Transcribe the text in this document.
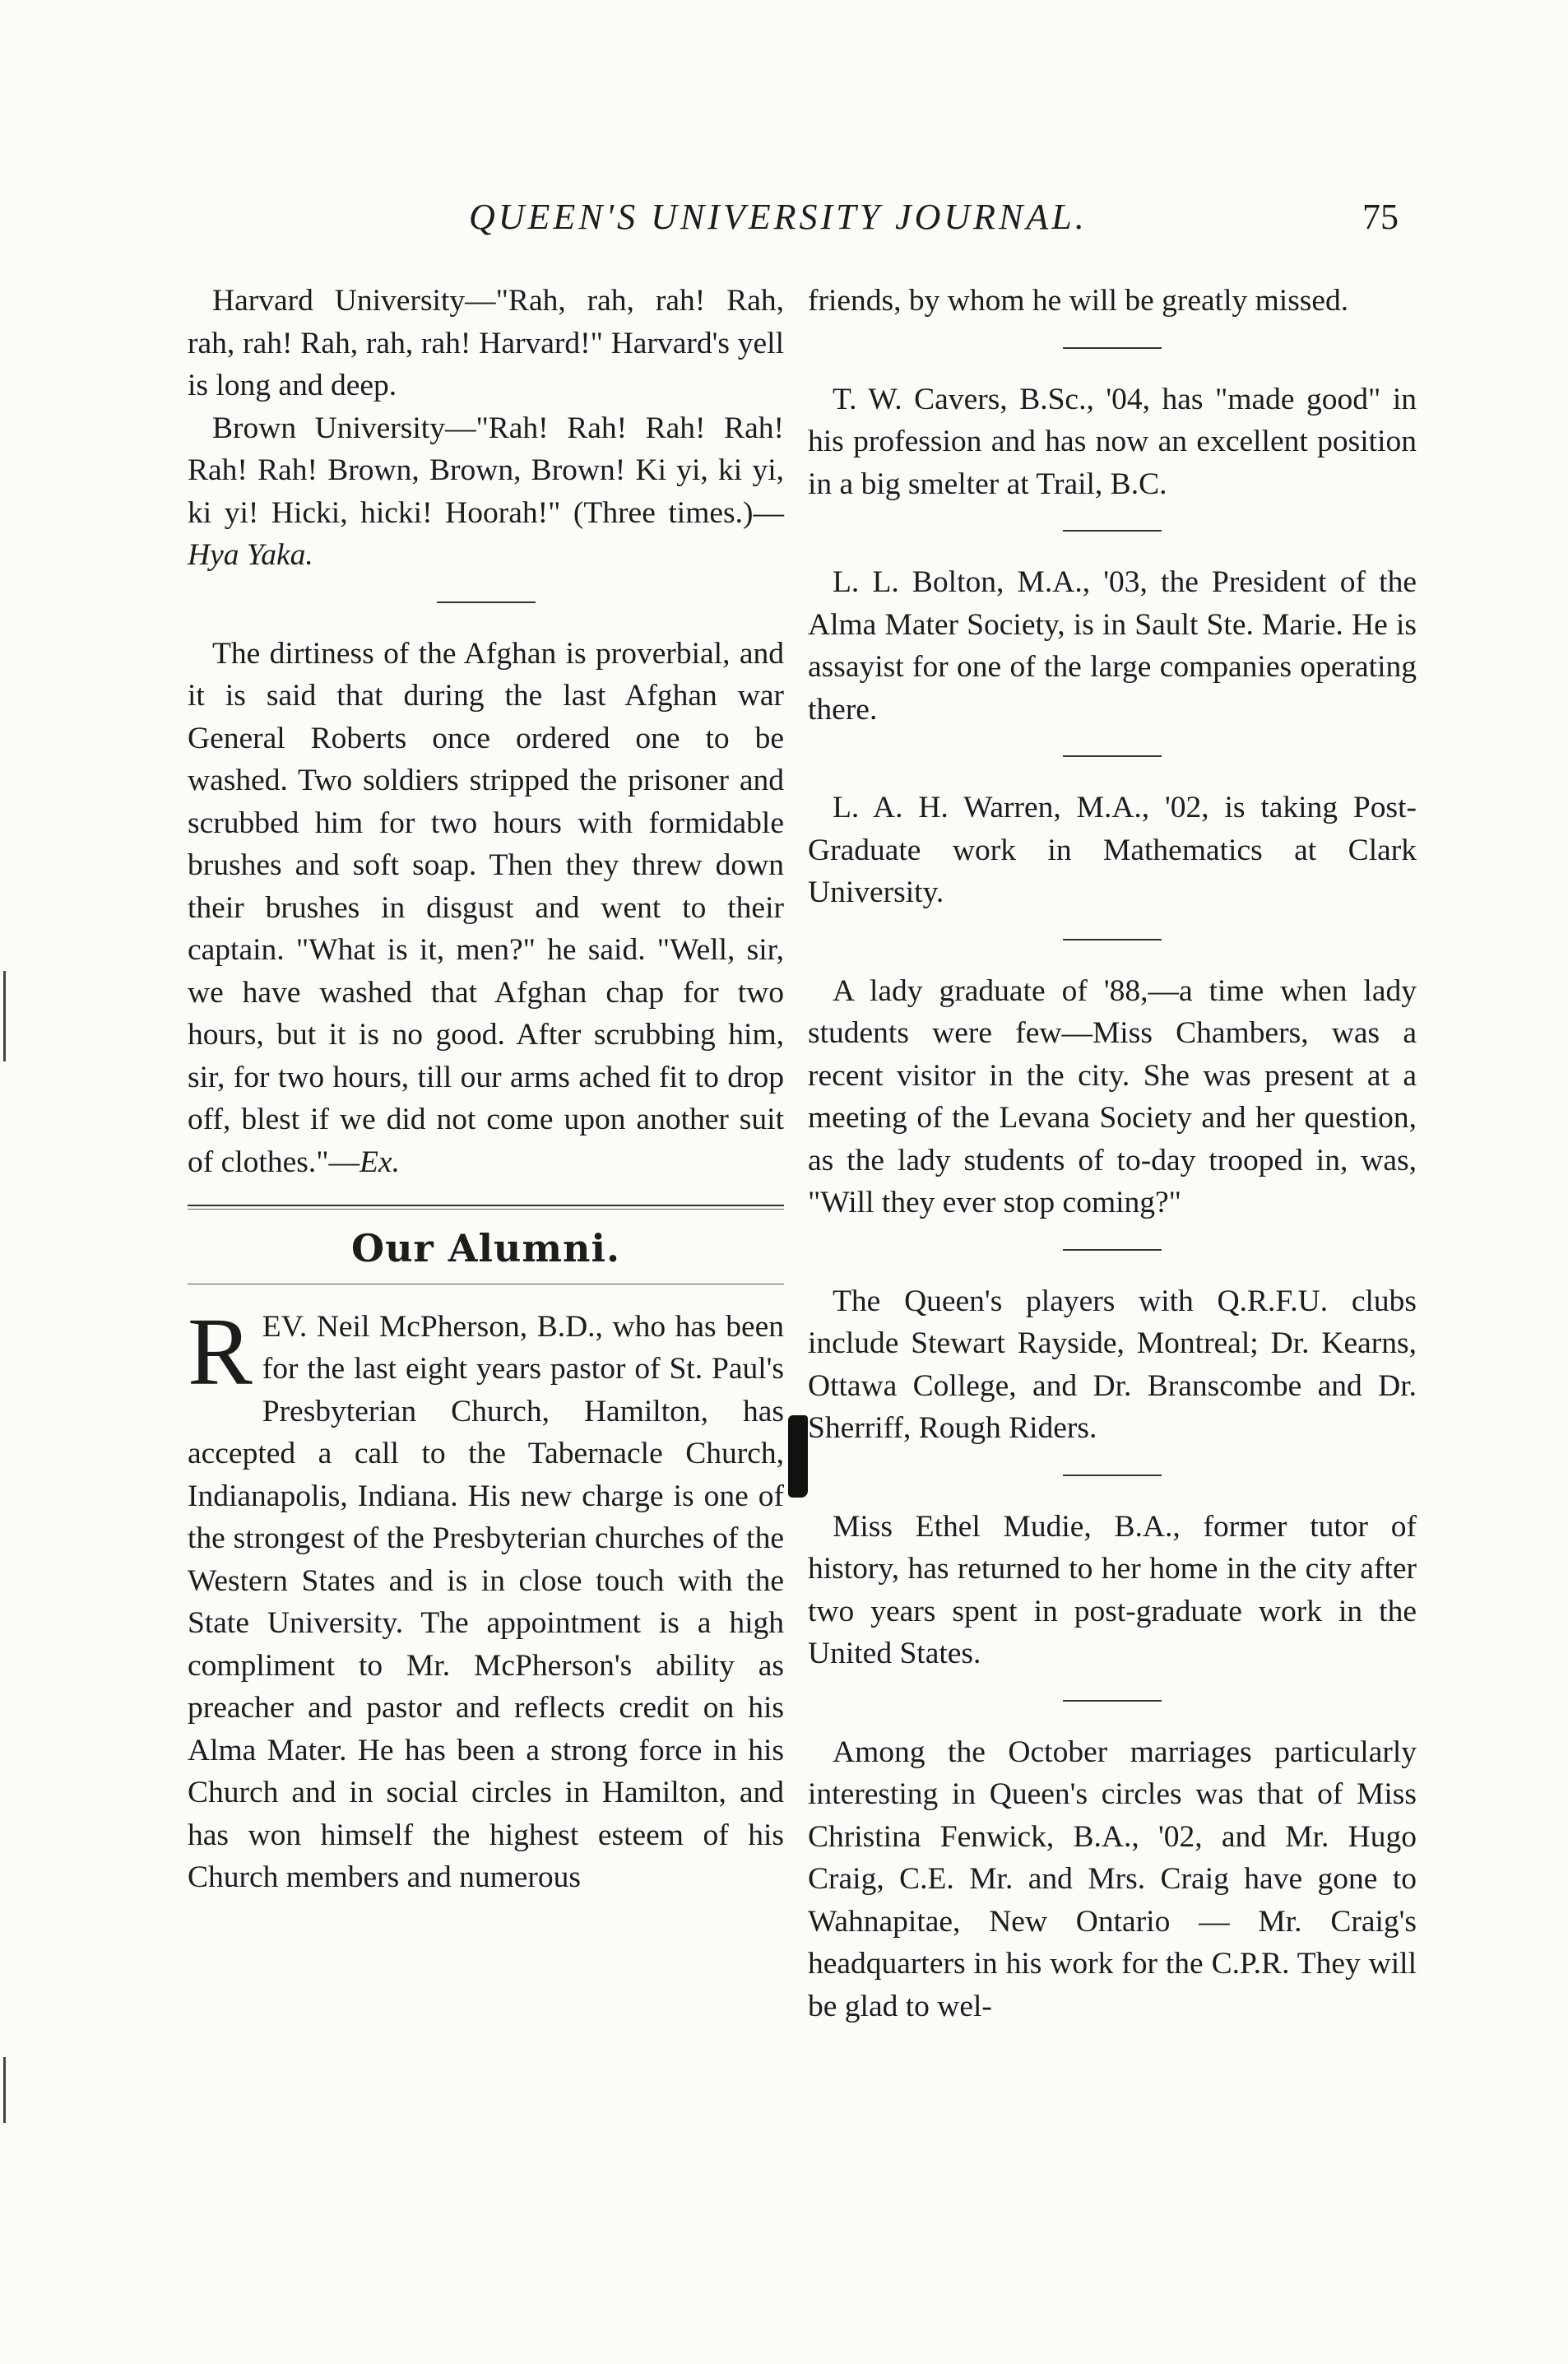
QUEEN'S UNIVERSITY JOURNAL.	75

Harvard University—"Rah, rah, rah! Rah, rah, rah! Rah, rah, rah! Harvard!" Harvard's yell is long and deep.

Brown University—"Rah! Rah! Rah! Rah! Rah! Rah! Brown, Brown, Brown! Ki yi, ki yi, ki yi! Hicki, hicki! Hoorah!" (Three times.)—Hya Yaka.

The dirtiness of the Afghan is proverbial, and it is said that during the last Afghan war General Roberts once ordered one to be washed. Two soldiers stripped the prisoner and scrubbed him for two hours with formidable brushes and soft soap. Then they threw down their brushes in disgust and went to their captain. "What is it, men?" he said. "Well, sir, we have washed that Afghan chap for two hours, but it is no good. After scrubbing him, sir, for two hours, till our arms ached fit to drop off, blest if we did not come upon another suit of clothes."—Ex.

Our Alumni.

REV. Neil McPherson, B.D., who has been for the last eight years pastor of St. Paul's Presbyterian Church, Hamilton, has accepted a call to the Tabernacle Church, Indianapolis, Indiana. His new charge is one of the strongest of the Presbyterian churches of the Western States and is in close touch with the State University. The appointment is a high compliment to Mr. McPherson's ability as preacher and pastor and reflects credit on his Alma Mater. He has been a strong force in his Church and in social circles in Hamilton, and has won himself the highest esteem of his Church members and numerous

friends, by whom he will be greatly missed.

T. W. Cavers, B.Sc., '04, has "made good" in his profession and has now an excellent position in a big smelter at Trail, B.C.

L. L. Bolton, M.A., '03, the President of the Alma Mater Society, is in Sault Ste. Marie. He is assayist for one of the large companies operating there.

L. A. H. Warren, M.A., '02, is taking Post-Graduate work in Mathematics at Clark University.

A lady graduate of '88,—a time when lady students were few—Miss Chambers, was a recent visitor in the city. She was present at a meeting of the Levana Society and her question, as the lady students of to-day trooped in, was, "Will they ever stop coming?"

The Queen's players with Q.R.F.U. clubs include Stewart Rayside, Montreal; Dr. Kearns, Ottawa College, and Dr. Branscombe and Dr. Sherriff, Rough Riders.

Miss Ethel Mudie, B.A., former tutor of history, has returned to her home in the city after two years spent in post-graduate work in the United States.

Among the October marriages particularly interesting in Queen's circles was that of Miss Christina Fenwick, B.A., '02, and Mr. Hugo Craig, C.E. Mr. and Mrs. Craig have gone to Wahnapitae, New Ontario — Mr. Craig's headquarters in his work for the C.P.R. They will be glad to wel-
